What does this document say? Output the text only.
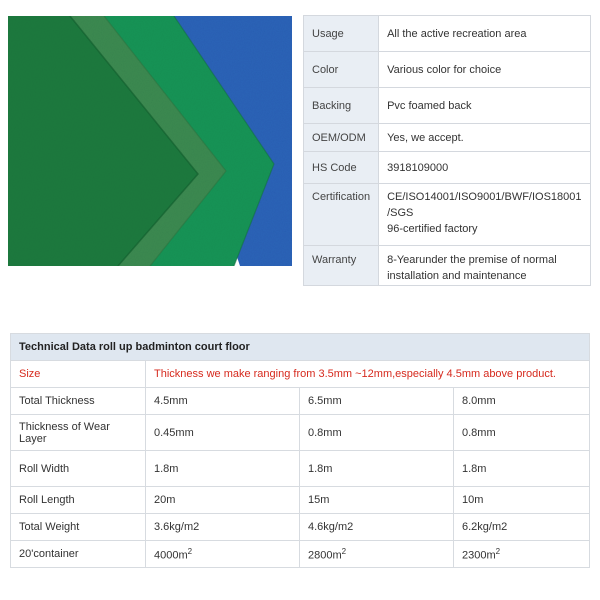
Usage	All the active recreation area
Color	Various color for choice
Backing	Pvc foamed back
OEM/ODM	Yes, we accept.
HS Code	3918109000
Certification	CE/ISO14001/ISO9001/BWF/IOS18001
/SGS
96-certified factory

Warranty	8-Yearunder the premise of normal
installation and maintenance
Technical Data roll up badminton court floor			
Size	Thickness we make ranging from 3.5mm ~12mm,especially 4.5mm above product.		
Total Thickness	4.5mm	6.5mm	8.0mm
Thickness of Wear Layer	0.45mm	0.8mm	0.8mm
Roll Width	1.8m	1.8m	1.8m
Roll Length	20m	15m	10m
Total Weight	3.6kg/m2	4.6kg/m2	6.2kg/m2
20'container	$4000m^2$	$2800m^2$	$2300m^2$
